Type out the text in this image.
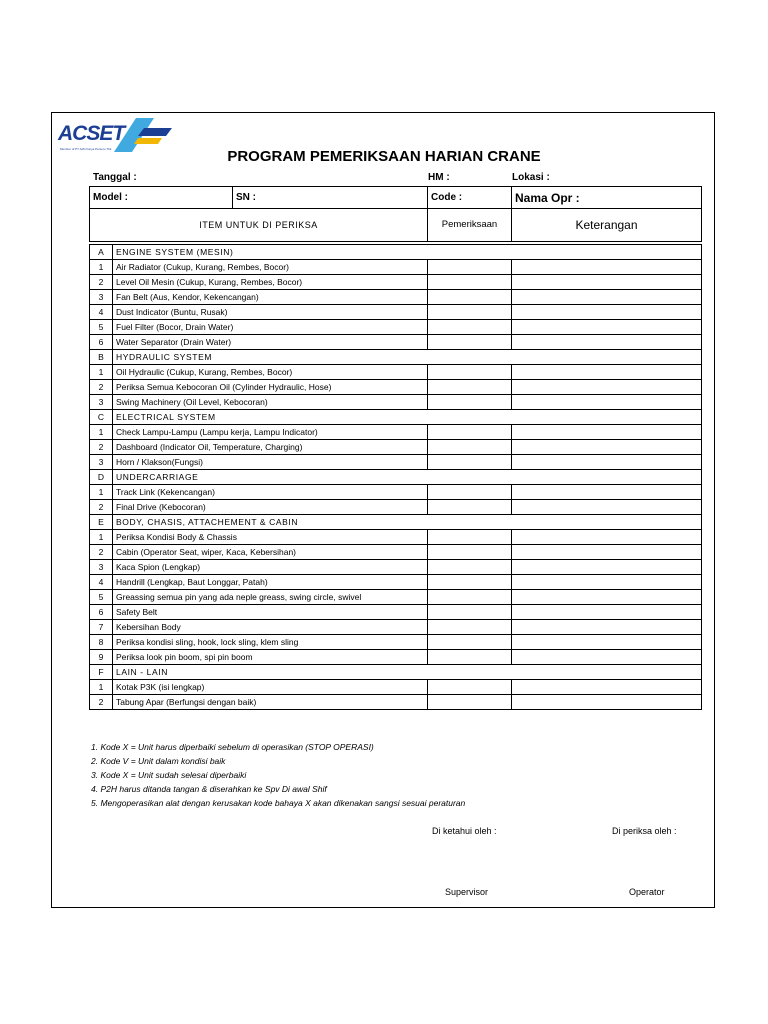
ACSET
Member of PT Adhi Karya Persero Tbk	PROGRAM PEMERIKSAAN HARIAN CRANE
Tanggal :	HM :	Lokasi :
Model :		SN :	Code :	Nama Opr :
ITEM UNTUK DI PERIKSA			Pemeriksaan	Keterangan

A	ENGINE SYSTEM (MESIN)			
1	Air Radiator (Cukup, Kurang, Rembes, Bocor)			
2	Level Oil Mesin (Cukup, Kurang, Rembes, Bocor)			
3	Fan Belt (Aus, Kendor, Kekencangan)			
4	Dust Indicator (Buntu, Rusak)			
5	Fuel Filter (Bocor, Drain Water)			
6	Water Separator (Drain Water)			
B	HYDRAULIC SYSTEM			
1	Oil Hydraulic (Cukup, Kurang, Rembes, Bocor)			
2	Periksa Semua Kebocoran Oil (Cylinder Hydraulic, Hose)			
3	Swing Machinery (Oil Level, Kebocoran)			
C	ELECTRICAL SYSTEM			
1	Check Lampu-Lampu (Lampu kerja, Lampu Indicator)			
2	Dashboard (Indicator Oil, Temperature, Charging)			
3	Horn / Klakson(Fungsi)			
D	UNDERCARRIAGE			
1	Track Link (Kekencangan)			
2	Final Drive (Kebocoran)			
E	BODY, CHASIS, ATTACHEMENT & CABIN			
1	Periksa Kondisi Body & Chassis			
2	Cabin (Operator Seat, wiper, Kaca, Kebersihan)			
3	Kaca Spion (Lengkap)			
4	Handrill (Lengkap, Baut Longgar, Patah)			
5	Greassing semua pin yang ada neple greass, swing circle, swivel			
6	Safety Belt			
7	Kebersihan Body			
8	Periksa kondisi sling, hook, lock sling, klem sling			
9	Periksa look pin boom, spi pin boom			
F	LAIN - LAIN			
1	Kotak P3K (isi lengkap)			
2	Tabung Apar (Berfungsi dengan baik)			
1. Kode X = Unit harus diperbaiki sebelum di operasikan (STOP OPERASI)
2. Kode V = Unit dalam kondisi baik
3. Kode X = Unit sudah selesai diperbaiki
4. P2H harus ditanda tangan & diserahkan ke Spv Di awal Shif
5. Mengoperasikan alat dengan kerusakan kode bahaya X akan dikenakan sangsi sesuai peraturan
Di ketahui oleh :	Di periksa oleh :
Supervisor	Operator
